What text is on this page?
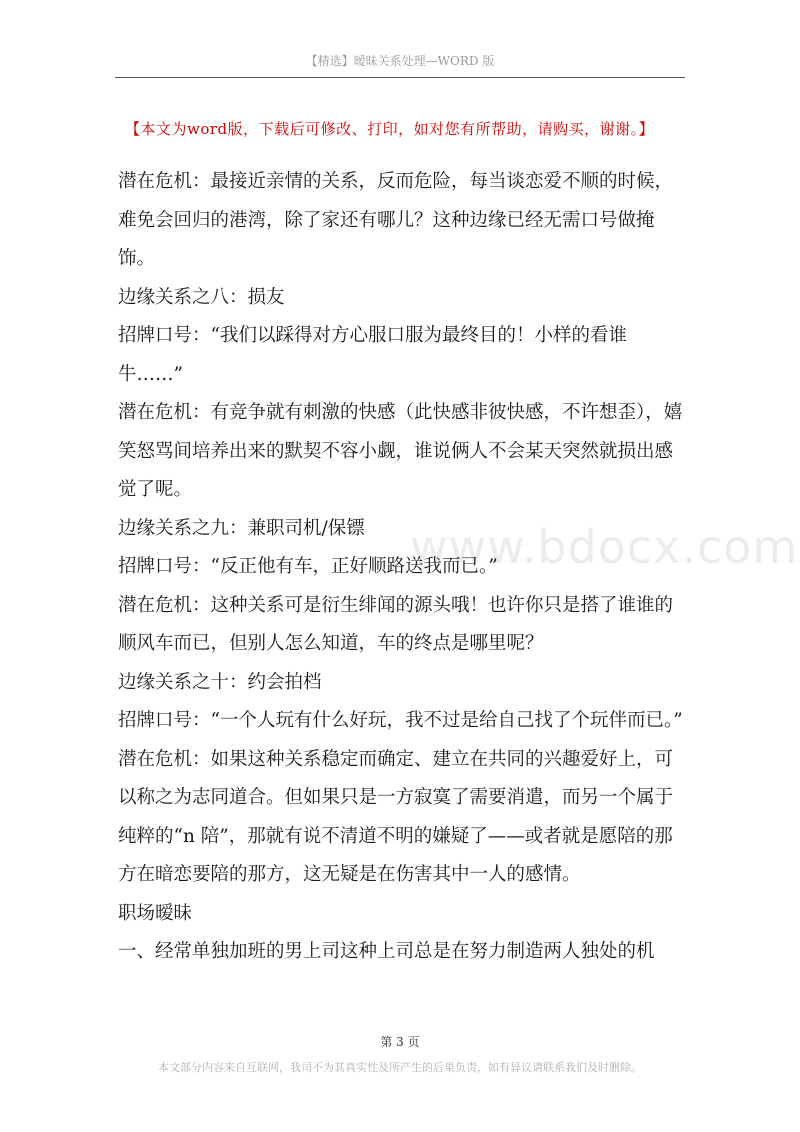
【精选】暧昧关系处理—WORD 版
【本文为word版，下载后可修改、打印，如对您有所帮助，请购买，谢谢。】
www.bdocx.com

潜在危机：最接近亲情的关系，反而危险，每当谈恋爱不顺的时候，难免会回归的港湾，除了家还有哪儿？这种边缘已经无需口号做掩饰。

边缘关系之八：损友

招牌口号：“我们以踩得对方心服口服为最终目的！小样的看谁牛……”

潜在危机：有竞争就有刺激的快感（此快感非彼快感，不许想歪），嬉笑怒骂间培养出来的默契不容小觑，谁说俩人不会某天突然就损出感觉了呢。

边缘关系之九：兼职司机/保镖

招牌口号：“反正他有车，正好顺路送我而已。”

潜在危机：这种关系可是衍生绯闻的源头哦！也许你只是搭了谁谁的顺风车而已，但别人怎么知道，车的终点是哪里呢？

边缘关系之十：约会拍档

招牌口号：“一个人玩有什么好玩，我不过是给自己找了个玩伴而已。”

潜在危机：如果这种关系稳定而确定、建立在共同的兴趣爱好上，可以称之为志同道合。但如果只是一方寂寞了需要消遣，而另一个属于纯粹的“n 陪”，那就有说不清道不明的嫌疑了——或者就是愿陪的那方在暗恋要陪的那方，这无疑是在伤害其中一人的感情。

职场暧昧

一、经常单独加班的男上司这种上司总是在努力制造两人独处的机

第 3 页
本文部分内容来自互联网，我司不为其真实性及所产生的后果负责，如有异议请联系我们及时删除。
